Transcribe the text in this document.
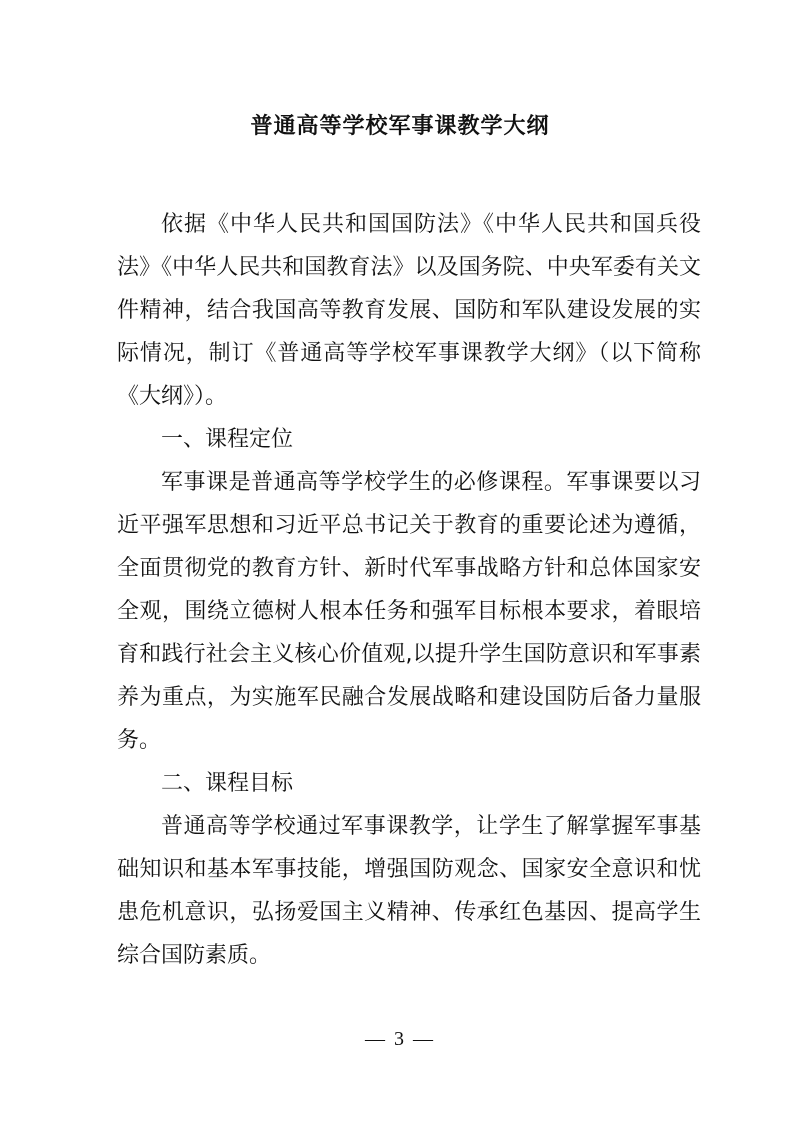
普通高等学校军事课教学大纲

依据《中华人民共和国国防法》《中华人民共和国兵役法》《中华人民共和国教育法》以及国务院、中央军委有关文件精神，结合我国高等教育发展、国防和军队建设发展的实际情况，制订《普通高等学校军事课教学大纲》（以下简称《大纲》）。

一、课程定位

军事课是普通高等学校学生的必修课程。军事课要以习近平强军思想和习近平总书记关于教育的重要论述为遵循，全面贯彻党的教育方针、新时代军事战略方针和总体国家安全观，围绕立德树人根本任务和强军目标根本要求，着眼培育和践行社会主义核心价值观,以提升学生国防意识和军事素养为重点，为实施军民融合发展战略和建设国防后备力量服务。

二、课程目标

普通高等学校通过军事课教学，让学生了解掌握军事基础知识和基本军事技能，增强国防观念、国家安全意识和忧患危机意识，弘扬爱国主义精神、传承红色基因、提高学生综合国防素质。

— 3 —
